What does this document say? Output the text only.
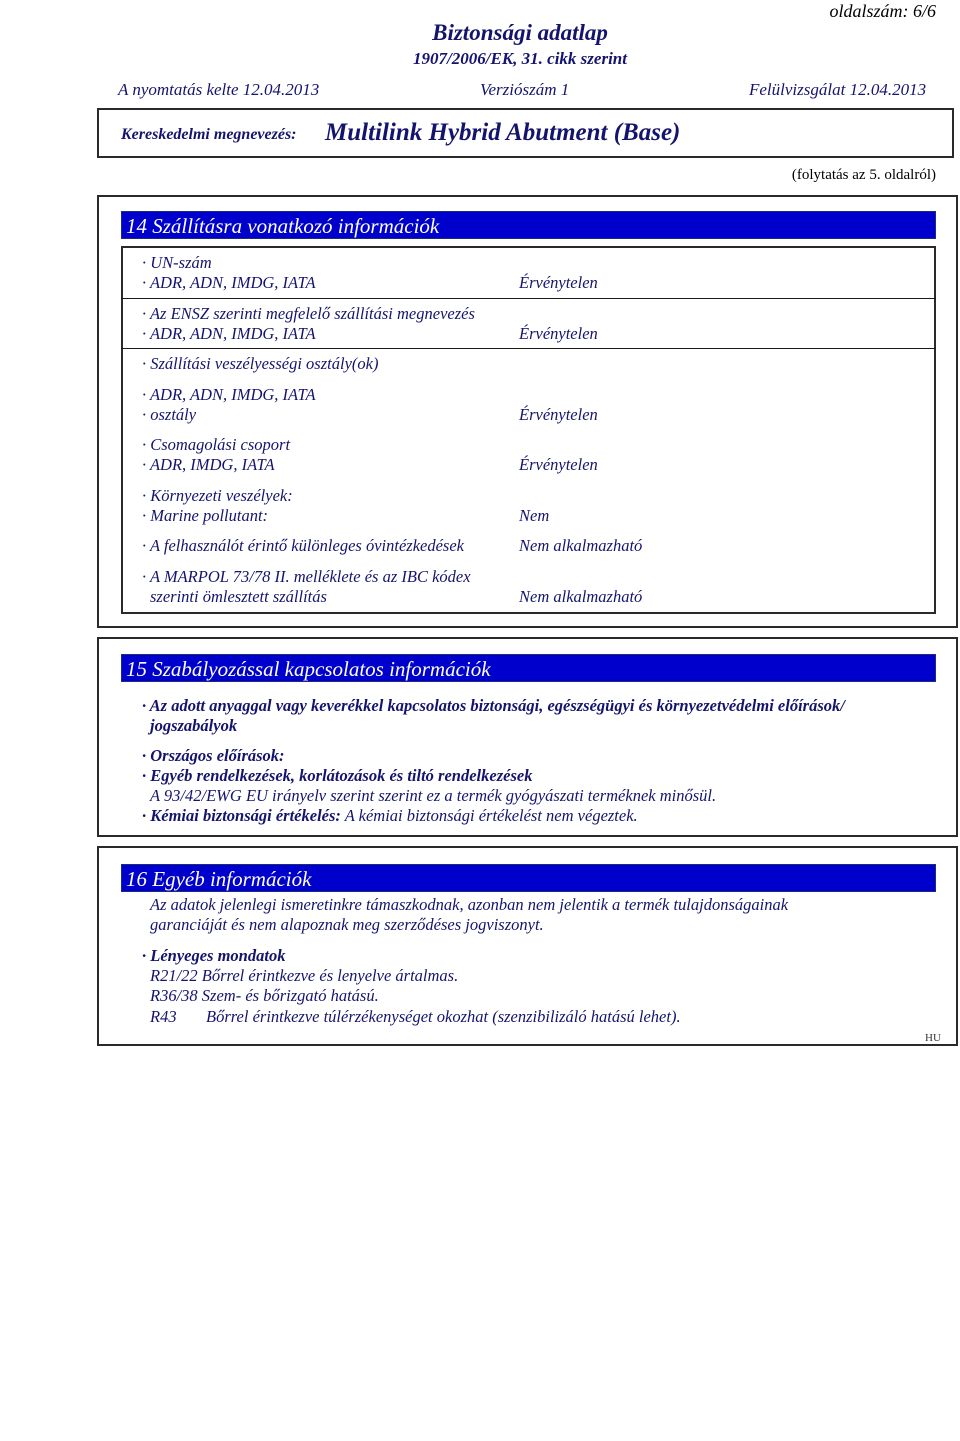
oldalszám: 6/6
Biztonsági adatlap
1907/2006/EK, 31. cikk szerint
A nyomtatás kelte 12.04.2013	Verziószám 1	Felülvizsgálat 12.04.2013
Kereskedelmi megnevezés: Multilink Hybrid Abutment (Base)
(folytatás az 5. oldalról)
14 Szállításra vonatkozó információk
· UN-szám
· ADR, ADN, IMDG, IATA	Érvénytelen
· Az ENSZ szerinti megfelelő szállítási megnevezés
· ADR, ADN, IMDG, IATA	Érvénytelen
· Szállítási veszélyességi osztály(ok)
· ADR, ADN, IMDG, IATA
· osztály	Érvénytelen
· Csomagolási csoport
· ADR, IMDG, IATA	Érvénytelen
· Környezeti veszélyek:
· Marine pollutant:	Nem
· A felhasználót érintő különleges óvintézkedések	Nem alkalmazható
· A MARPOL 73/78 II. melléklete és az IBC kódex
szerinti ömlesztett szállítás	Nem alkalmazható
15 Szabályozással kapcsolatos információk
· Az adott anyaggal vagy keverékkel kapcsolatos biztonsági, egészségügyi és környezetvédelmi előírások/
jogszabályok
· Országos előírások:
· Egyéb rendelkezések, korlátozások és tiltó rendelkezések
A 93/42/EWG EU irányelv szerint szerint ez a termék gyógyászati terméknek minősül.
· Kémiai biztonsági értékelés: A kémiai biztonsági értékelést nem végeztek.
16 Egyéb információk
Az adatok jelenlegi ismeretinkre támaszkodnak, azonban nem jelentik a termék tulajdonságainak
garanciáját és nem alapoznak meg szerződéses jogviszonyt.
· Lényeges mondatok
R21/22 Bőrrel érintkezve és lenyelve ártalmas.
R36/38 Szem- és bőrizgató hatású.
R43 Bőrrel érintkezve túlérzékenységet okozhat (szenzibilizáló hatású lehet).
HU
